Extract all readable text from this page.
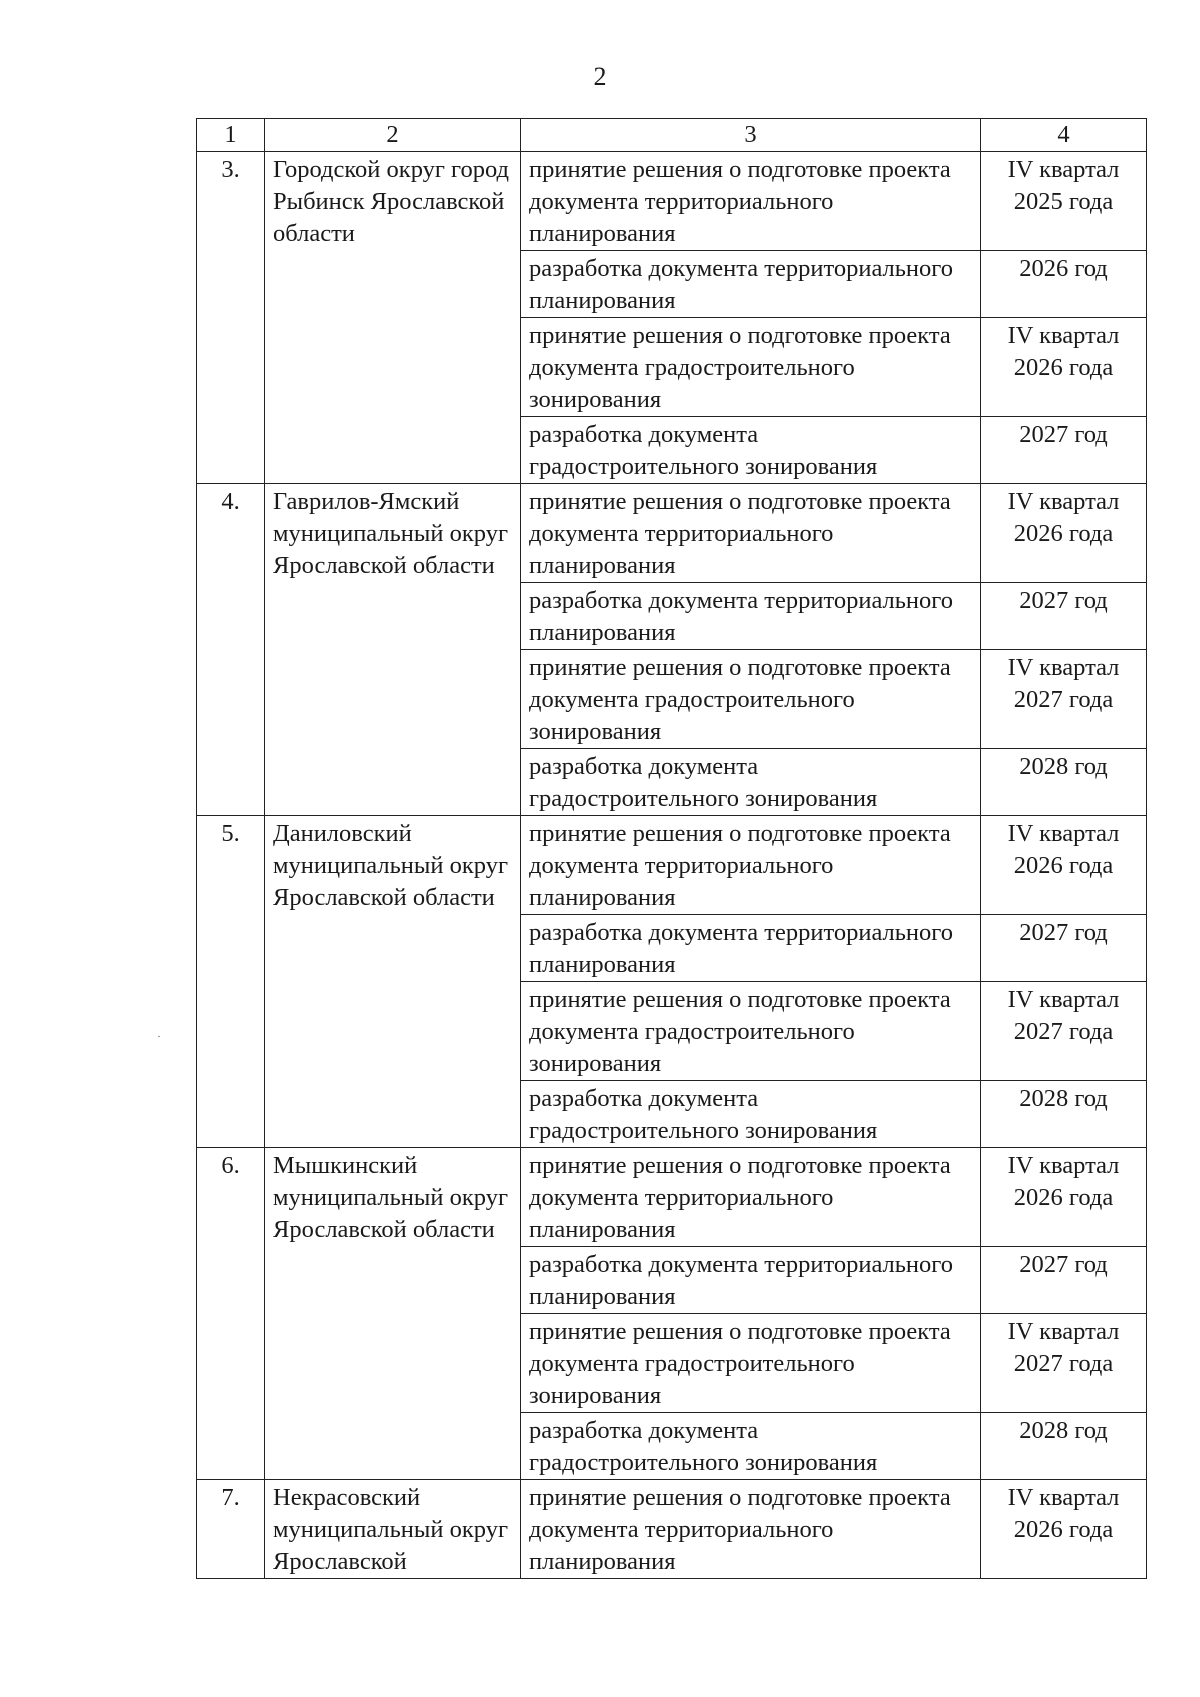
2
1	2	3	4
3.	Городской округ город Рыбинск Ярославской области	принятие решения о подготовке проекта документа территориального планирования	IV квартал 2025 года
		разработка документа территориального планирования	2026 год
		принятие решения о подготовке проекта документа градостроительного зонирования	IV квартал 2026 года
		разработка документа градостроительного зонирования	2027 год
4.	Гаврилов-Ямский муниципальный округ Ярославской области	принятие решения о подготовке проекта документа территориального планирования	IV квартал 2026 года
		разработка документа территориального планирования	2027 год
		принятие решения о подготовке проекта документа градостроительного зонирования	IV квартал 2027 года
		разработка документа градостроительного зонирования	2028 год
5.	Даниловский муниципальный округ Ярославской области	принятие решения о подготовке проекта документа территориального планирования	IV квартал 2026 года
		разработка документа территориального планирования	2027 год
		принятие решения о подготовке проекта документа градостроительного зонирования	IV квартал 2027 года
		разработка документа градостроительного зонирования	2028 год
6.	Мышкинский муниципальный округ Ярославской области	принятие решения о подготовке проекта документа территориального планирования	IV квартал 2026 года
		разработка документа территориального планирования	2027 год
		принятие решения о подготовке проекта документа градостроительного зонирования	IV квартал 2027 года
		разработка документа градостроительного зонирования	2028 год
7.	Некрасовский муниципальный округ Ярославской	принятие решения о подготовке проекта документа территориального планирования	IV квартал 2026 года
